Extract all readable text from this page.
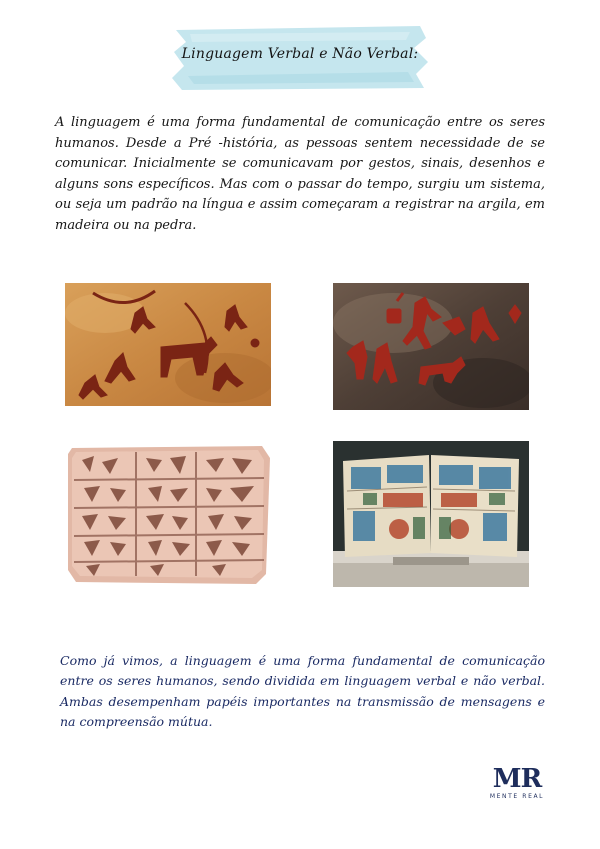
Linguagem Verbal e Não Verbal:

A linguagem é uma forma fundamental de comunicação entre os seres humanos. Desde a Pré -história, as pessoas sentem necessidade de se comunicar. Inicialmente se comunicavam por gestos, sinais, desenhos e alguns sons específicos. Mas com o passar do tempo, surgiu um sistema, ou seja um padrão na língua e assim começaram a registrar na argila, em madeira ou na pedra.

Como já vimos, a linguagem é uma forma fundamental de comunicação entre os seres humanos, sendo dividida em linguagem verbal e não verbal. Ambas desempenham papéis importantes na transmissão de mensagens e na compreensão mútua.

MR
MENTE REAL
